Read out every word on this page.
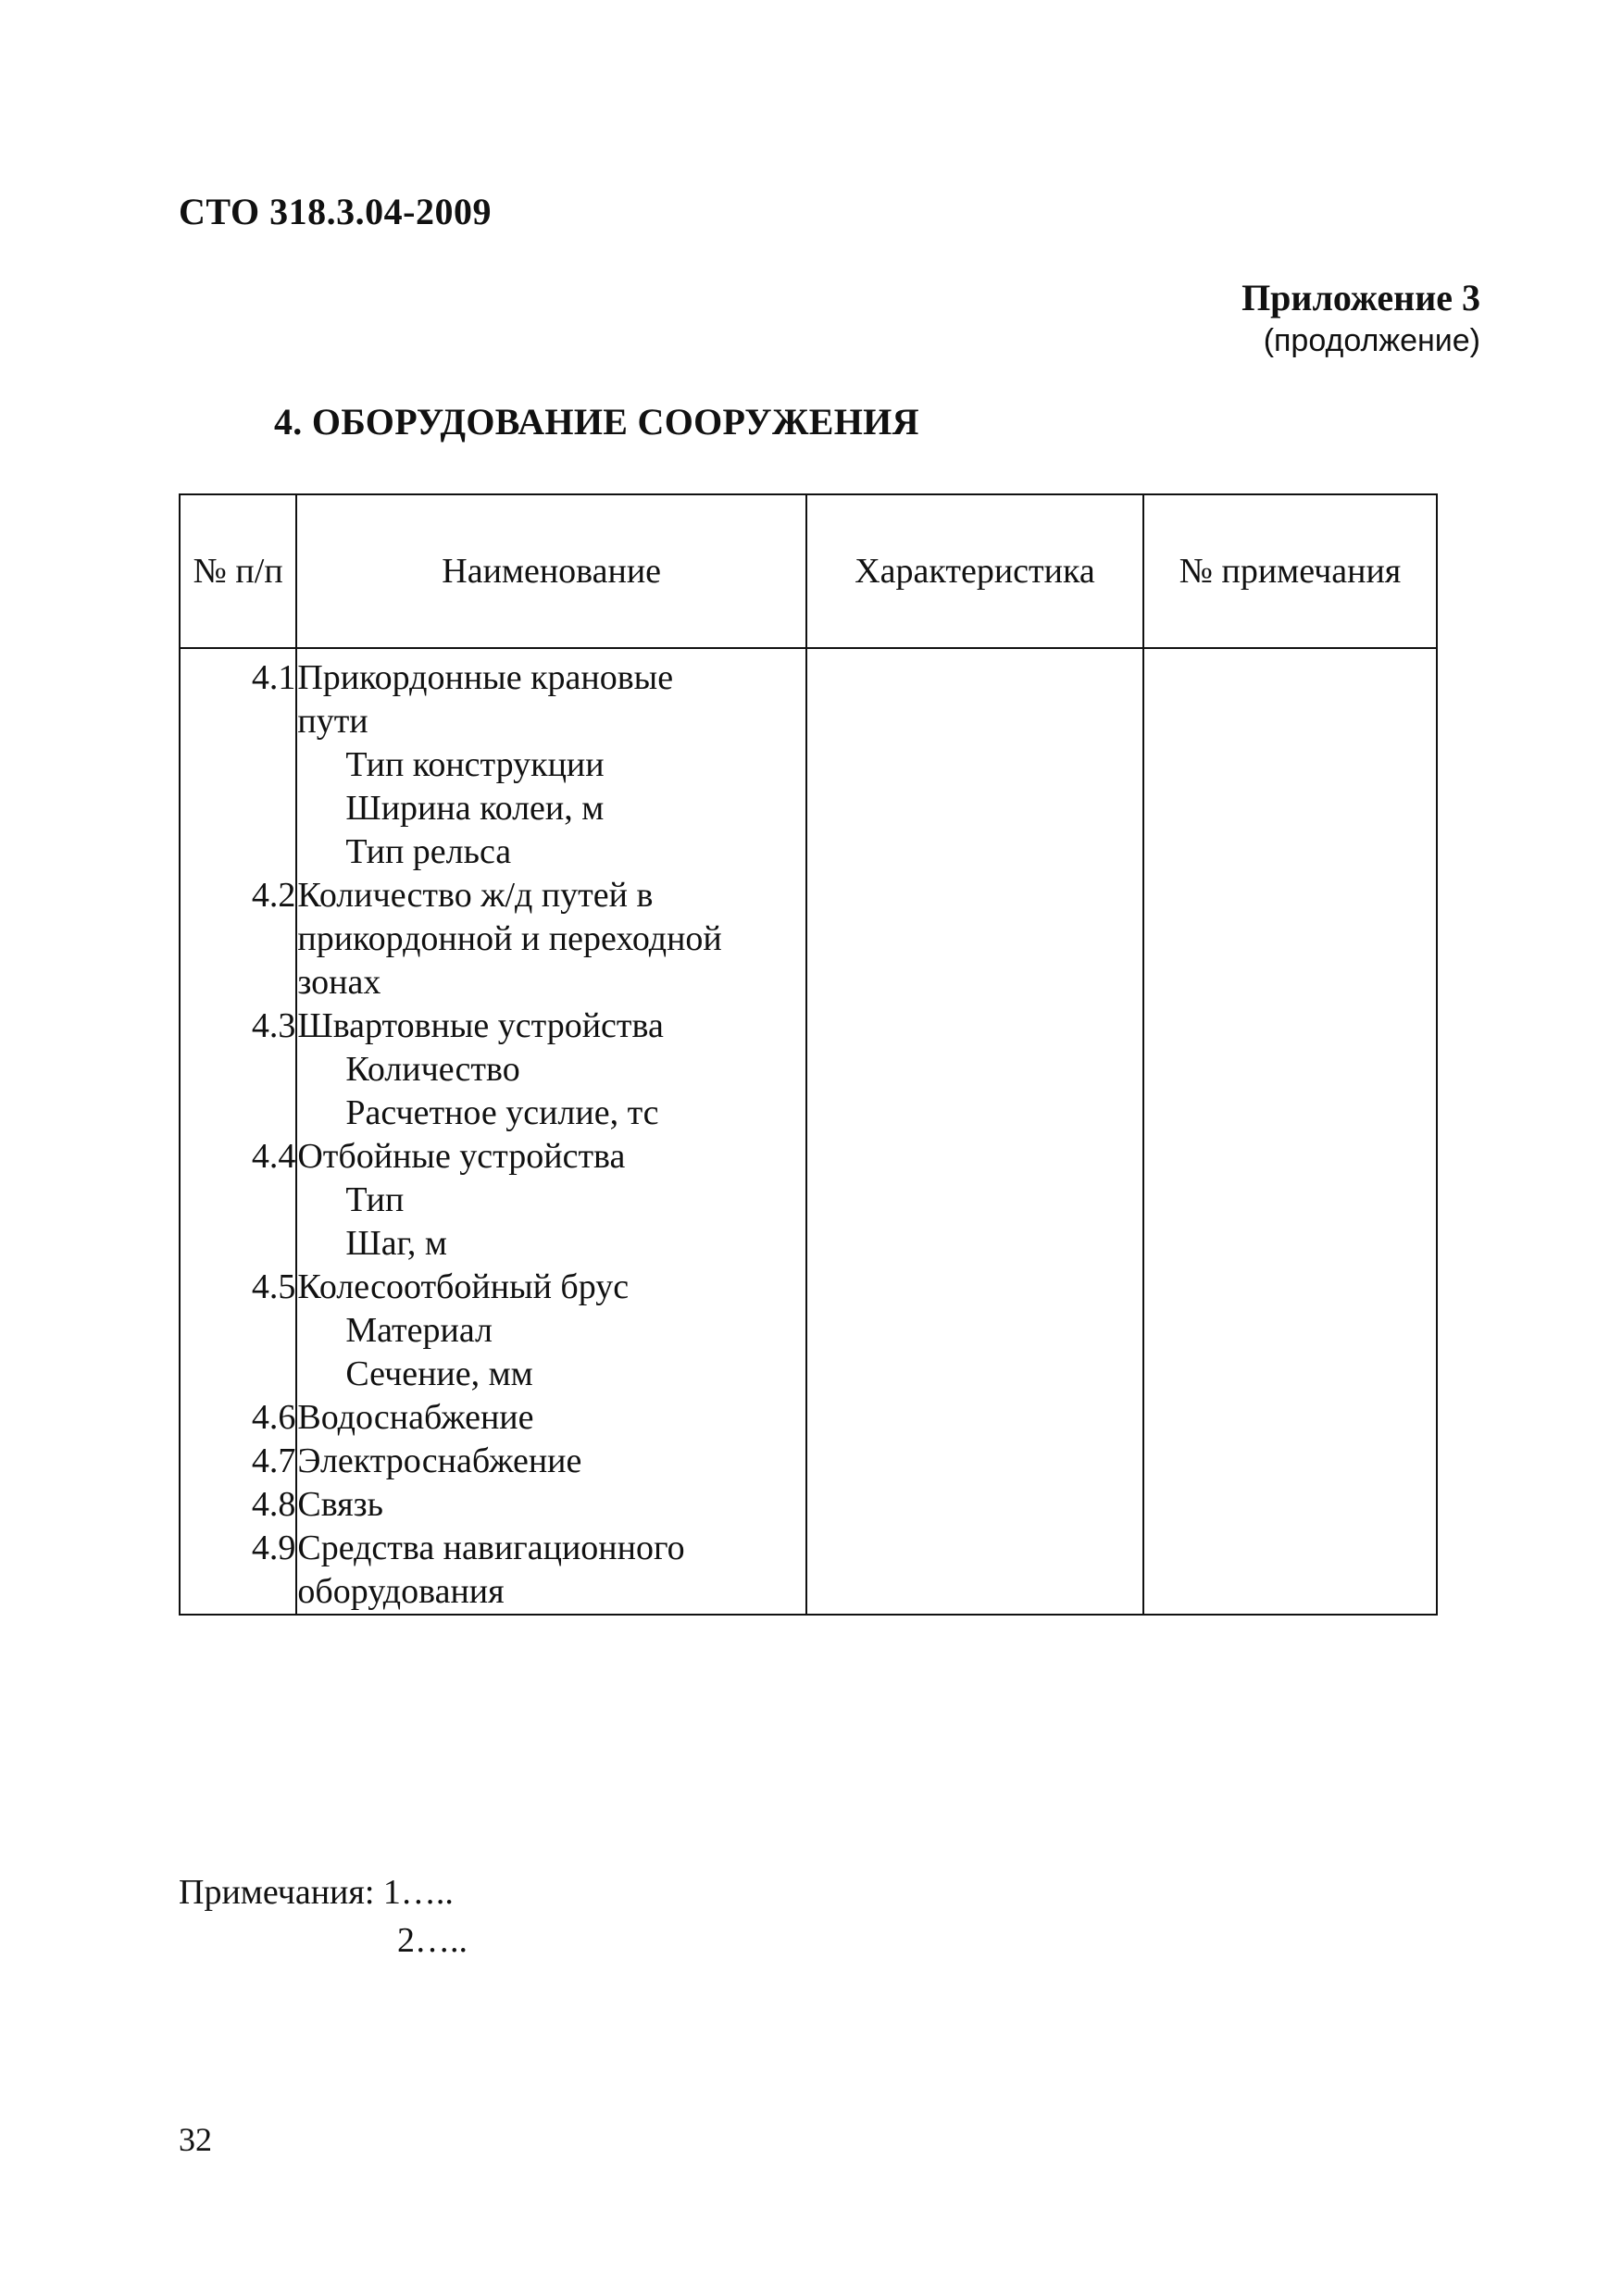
СТО 318.3.04-2009
Приложение 3
(продолжение)
4. ОБОРУДОВАНИЕ СООРУЖЕНИЯ
№ п/п	Наименование	Характеристика	№ примечания
4.1	Прикордонные крановые
пути
Тип конструкции
Ширина колеи, м
Тип рельса		

4.2	Количество ж/д путей в
прикордонной и переходной
зонах		

4.3	Швартовные устройства
Количество
Расчетное усилие, тс		

4.4	Отбойные устройства
Тип
Шаг, м		

4.5	Колесоотбойный брус
Материал
Сечение, мм		

4.6	Водоснабжение		

4.7	Электроснабжение		

4.8	Связь		

4.9	Средства навигационного
оборудования		

Примечания: 1…..
2…..
32
